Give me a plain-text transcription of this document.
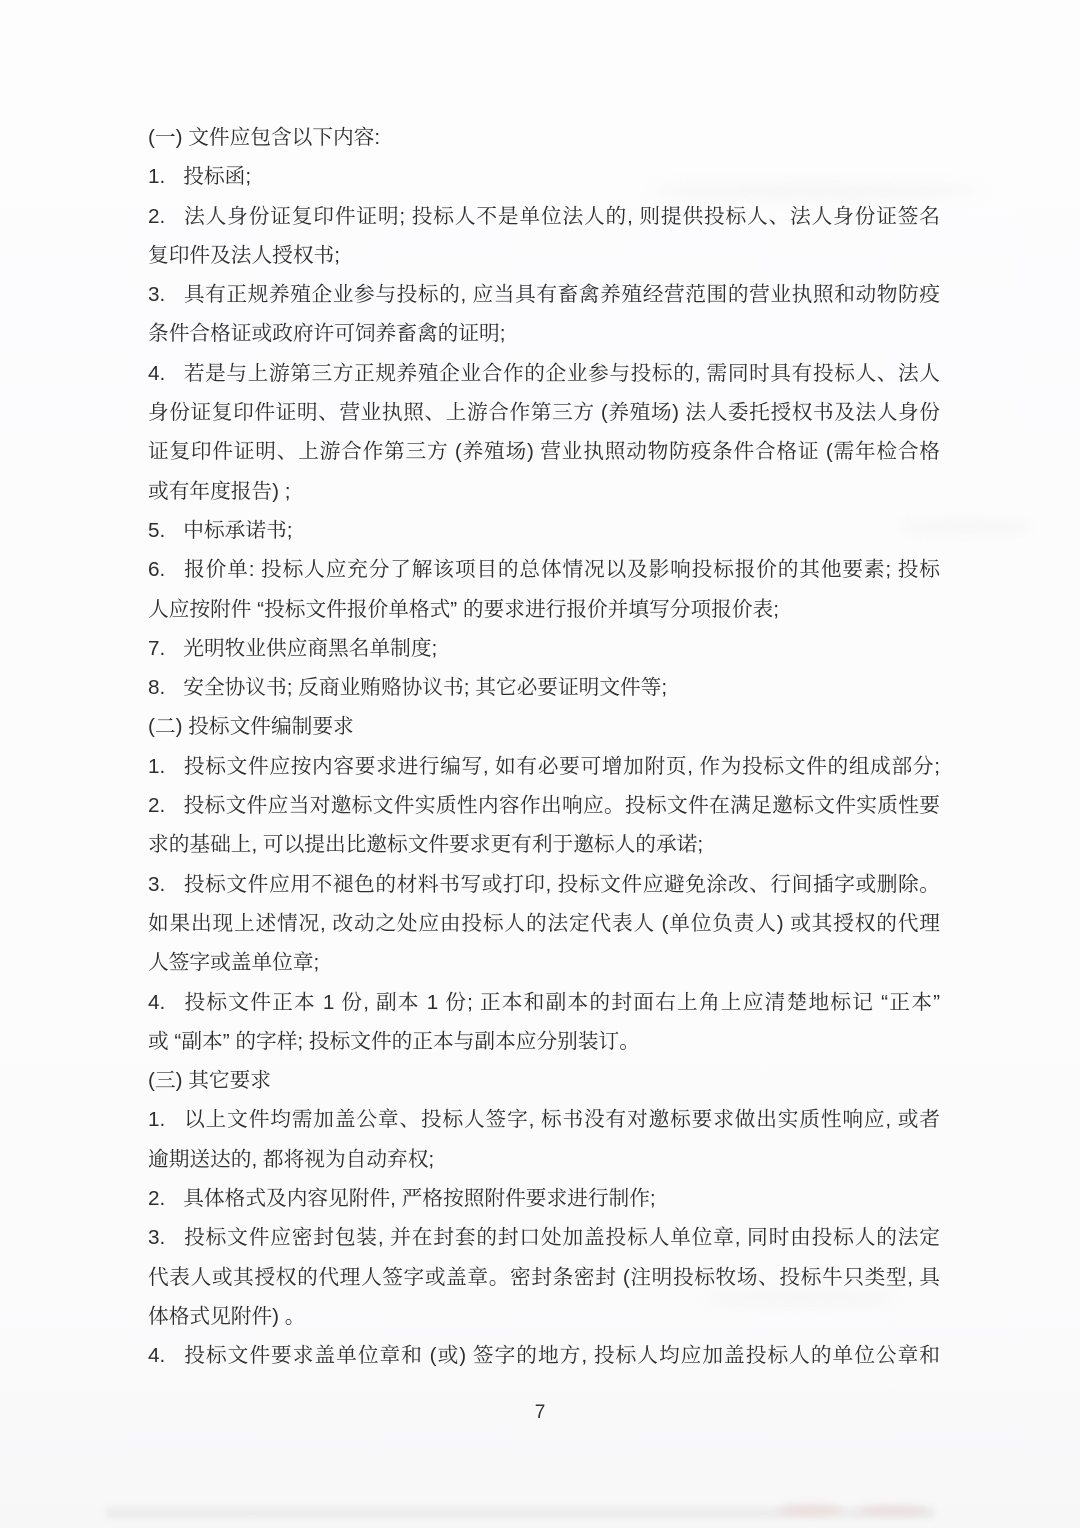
(一) 文件应包含以下内容:

1. 投标函;

2. 法人身份证复印件证明; 投标人不是单位法人的, 则提供投标人、法人身份证签名

复印件及法人授权书;

3. 具有正规养殖企业参与投标的, 应当具有畜禽养殖经营范围的营业执照和动物防疫

条件合格证或政府许可饲养畜禽的证明;

4. 若是与上游第三方正规养殖企业合作的企业参与投标的, 需同时具有投标人、法人

身份证复印件证明、营业执照、上游合作第三方 (养殖场) 法人委托授权书及法人身份

证复印件证明、上游合作第三方 (养殖场) 营业执照动物防疫条件合格证 (需年检合格

或有年度报告) ;

5. 中标承诺书;

6. 报价单: 投标人应充分了解该项目的总体情况以及影响投标报价的其他要素; 投标

人应按附件 “投标文件报价单格式” 的要求进行报价并填写分项报价表;

7. 光明牧业供应商黑名单制度;

8. 安全协议书; 反商业贿赂协议书; 其它必要证明文件等;

(二) 投标文件编制要求

1. 投标文件应按内容要求进行编写, 如有必要可增加附页, 作为投标文件的组成部分;

2. 投标文件应当对邀标文件实质性内容作出响应。投标文件在满足邀标文件实质性要

求的基础上, 可以提出比邀标文件要求更有利于邀标人的承诺;

3. 投标文件应用不褪色的材料书写或打印, 投标文件应避免涂改、行间插字或删除。

如果出现上述情况, 改动之处应由投标人的法定代表人 (单位负责人) 或其授权的代理

人签字或盖单位章;

4. 投标文件正本 1 份, 副本 1 份; 正本和副本的封面右上角上应清楚地标记 “正本”

或 “副本” 的字样; 投标文件的正本与副本应分别装订。

(三) 其它要求

1. 以上文件均需加盖公章、投标人签字, 标书没有对邀标要求做出实质性响应, 或者

逾期送达的, 都将视为自动弃权;

2. 具体格式及内容见附件, 严格按照附件要求进行制作;

3. 投标文件应密封包装, 并在封套的封口处加盖投标人单位章, 同时由投标人的法定

代表人或其授权的代理人签字或盖章。密封条密封 (注明投标牧场、投标牛只类型, 具

体格式见附件) 。

4. 投标文件要求盖单位章和 (或) 签字的地方, 投标人均应加盖投标人的单位公章和

7
